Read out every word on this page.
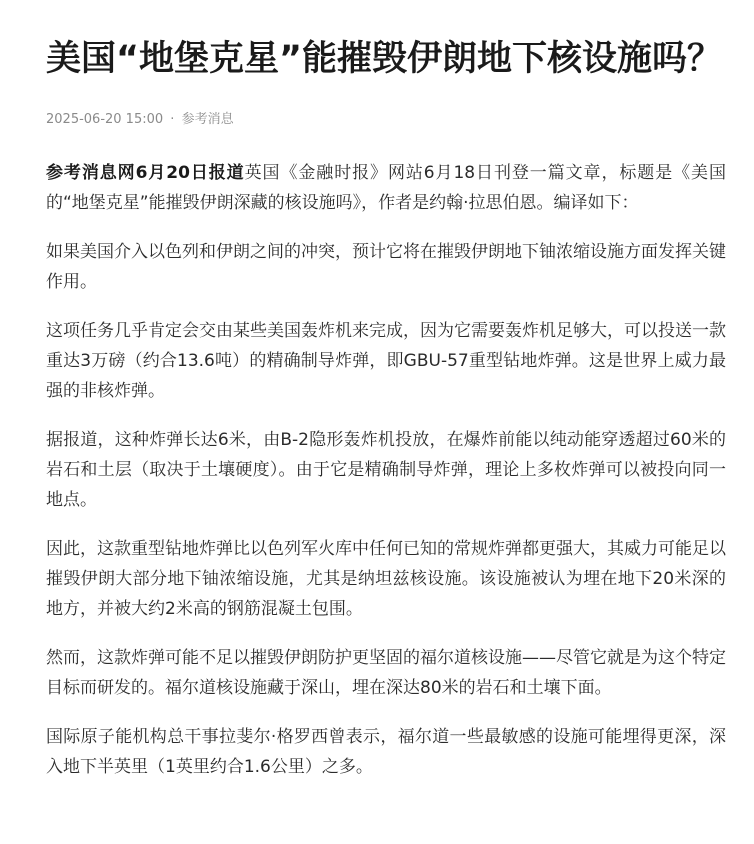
美国“地堡克星”能摧毁伊朗地下核设施吗？
2025-06-20 15:00 · 参考消息

参考消息网6月20日报道英国《金融时报》网站6月18日刊登一篇文章，标题是《美国的“地堡克星”能摧毁伊朗深藏的核设施吗》，作者是约翰·拉思伯恩。编译如下：

如果美国介入以色列和伊朗之间的冲突，预计它将在摧毁伊朗地下铀浓缩设施方面发挥关键作用。

这项任务几乎肯定会交由某些美国轰炸机来完成，因为它需要轰炸机足够大，可以投送一款重达3万磅（约合13.6吨）的精确制导炸弹，即GBU-57重型钻地炸弹。这是世界上威力最强的非核炸弹。

据报道，这种炸弹长达6米，由B-2隐形轰炸机投放，在爆炸前能以纯动能穿透超过60米的岩石和土层（取决于土壤硬度）。由于它是精确制导炸弹，理论上多枚炸弹可以被投向同一地点。

因此，这款重型钻地炸弹比以色列军火库中任何已知的常规炸弹都更强大，其威力可能足以摧毁伊朗大部分地下铀浓缩设施，尤其是纳坦兹核设施。该设施被认为埋在地下20米深的地方，并被大约2米高的钢筋混凝土包围。

然而，这款炸弹可能不足以摧毁伊朗防护更坚固的福尔道核设施——尽管它就是为这个特定目标而研发的。福尔道核设施藏于深山，埋在深达80米的岩石和土壤下面。

国际原子能机构总干事拉斐尔·格罗西曾表示，福尔道一些最敏感的设施可能埋得更深，深入地下半英里（1英里约合1.6公里）之多。
